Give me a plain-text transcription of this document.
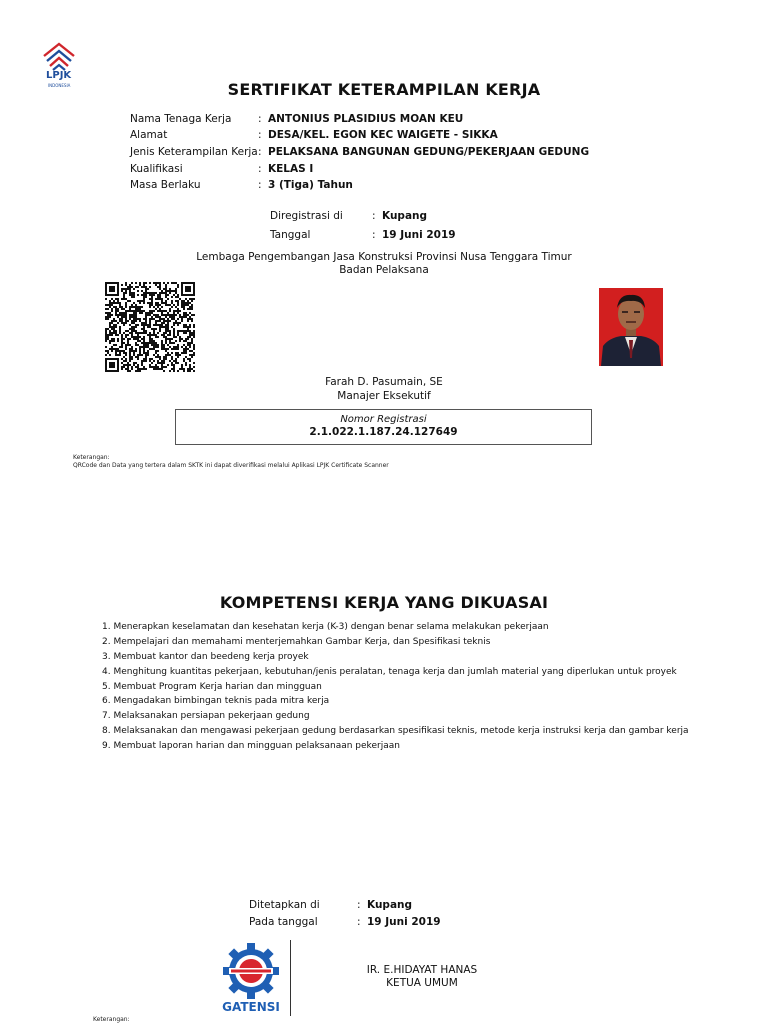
LPJK
INDONESIA	SERTIFIKAT KETERAMPILAN KERJA
Nama Tenaga Kerja	: ANTONIUS PLASIDIUS MOAN KEU
Alamat	: DESA/KEL. EGON KEC WAIGETE - SIKKA
Jenis Keterampilan Kerja : PELAKSANA BANGUNAN GEDUNG/PEKERJAAN GEDUNG
Kualifikasi	: KELAS I
Masa Berlaku	: 3 (Tiga) Tahun
Diregistrasi di	: Kupang
Tanggal	: 19 Juni 2019
Lembaga Pengembangan Jasa Konstruksi Provinsi Nusa Tenggara Timur
Badan Pelaksana
Farah D. Pasumain, SE
Manajer Eksekutif
Nomor Registrasi
2.1.022.1.187.24.127649
Keterangan:
QRCode dan Data yang tertera dalam SKTK ini dapat diverifikasi melalui Aplikasi LPJK Certificate Scanner
KOMPETENSI KERJA YANG DIKUASAI
1. Menerapkan keselamatan dan kesehatan kerja (K-3) dengan benar selama melakukan pekerjaan
2. Mempelajari dan memahami menterjemahkan Gambar Kerja, dan Spesifikasi teknis
3. Membuat kantor dan beedeng kerja proyek
4. Menghitung kuantitas pekerjaan, kebutuhan/jenis peralatan, tenaga kerja dan jumlah material yang diperlukan untuk proyek
5. Membuat Program Kerja harian dan mingguan
6. Mengadakan bimbingan teknis pada mitra kerja
7. Melaksanakan persiapan pekerjaan gedung
8. Melaksanakan dan mengawasi pekerjaan gedung berdasarkan spesifikasi teknis, metode kerja instruksi kerja dan gambar kerja
9. Membuat laporan harian dan mingguan pelaksanaan pekerjaan
Ditetapkan di	: Kupang
Pada tanggal	: 19 Juni 2019
GATENSI
IR. E.HIDAYAT HANAS
KETUA UMUM
Keterangan:
